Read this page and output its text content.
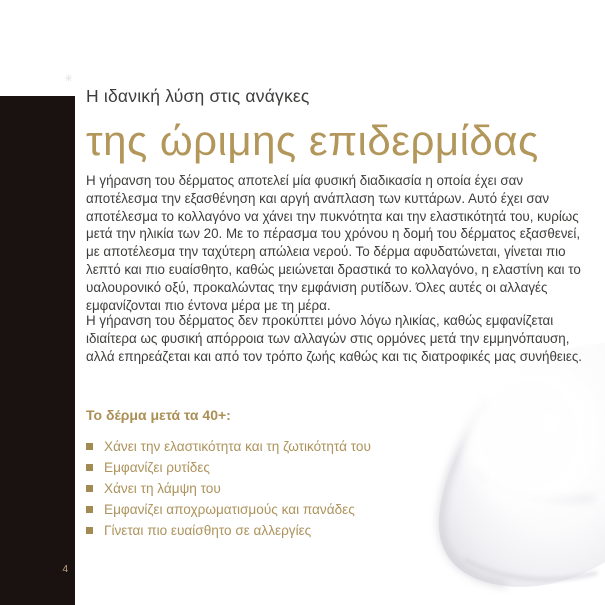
4
✳
Η ιδανική λύση στις ανάγκες
της ώριμης επιδερμίδας

Η γήρανση του δέρματος αποτελεί μία φυσική διαδικασία η οποία έχει σαν αποτέλεσμα την εξασθένηση και αργή ανάπλαση των κυττάρων. Αυτό έχει σαν αποτέλεσμα το κολλαγόνο να χάνει την πυκνότητα και την ελαστικότητά του, κυρίως μετά την ηλικία των 20. Με το πέρασμα του χρόνου η δομή του δέρματος εξασθενεί, με αποτέλεσμα την ταχύτερη απώλεια νερού. Το δέρμα αφυδατώνεται, γίνεται πιο λεπτό και πιο ευαίσθητο, καθώς μειώνεται δραστικά το κολλαγόνο, η ελαστίνη και το υαλουρονικό οξύ, προκαλώντας την εμφάνιση ρυτίδων. Όλες αυτές οι αλλαγές εμφανίζονται πιο έντονα μέρα με τη μέρα.

Η γήρανση του δέρματος δεν προκύπτει μόνο λόγω ηλικίας, καθώς εμφανίζεται ιδιαίτερα ως φυσική απόρροια των αλλαγών στις ορμόνες μετά την εμμηνόπαυση, αλλά επηρεάζεται και από τον τρόπο ζωής καθώς και τις διατροφικές μας συνήθειες.

Το δέρμα μετά τα 40+:
Χάνει την ελαστικότητα και τη ζωτικότητά του
Εμφανίζει ρυτίδες
Χάνει τη λάμψη του
Εμφανίζει αποχρωματισμούς και πανάδες
Γίνεται πιο ευαίσθητο σε αλλεργίες
